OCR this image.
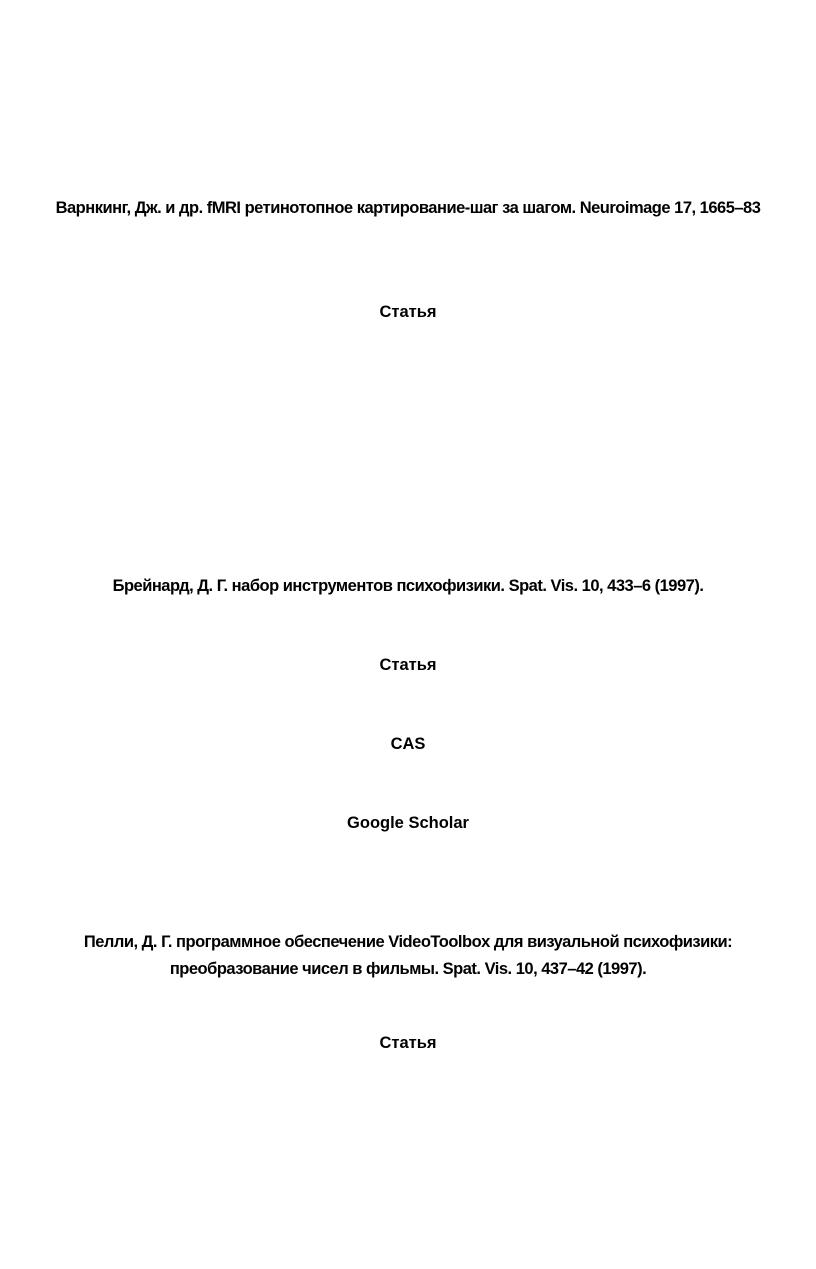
Варнкинг, Дж. и др. fMRI ретинотопное картирование-шаг за шагом. Neuroimage 17, 1665–83
Статья
Брейнард, Д. Г. набор инструментов психофизики. Spat. Vis. 10, 433–6 (1997).
Статья
CAS
Google Scholar
Пелли, Д. Г. программное обеспечение VideoToolbox для визуальной психофизики:
преобразование чисел в фильмы. Spat. Vis. 10, 437–42 (1997).
Статья
